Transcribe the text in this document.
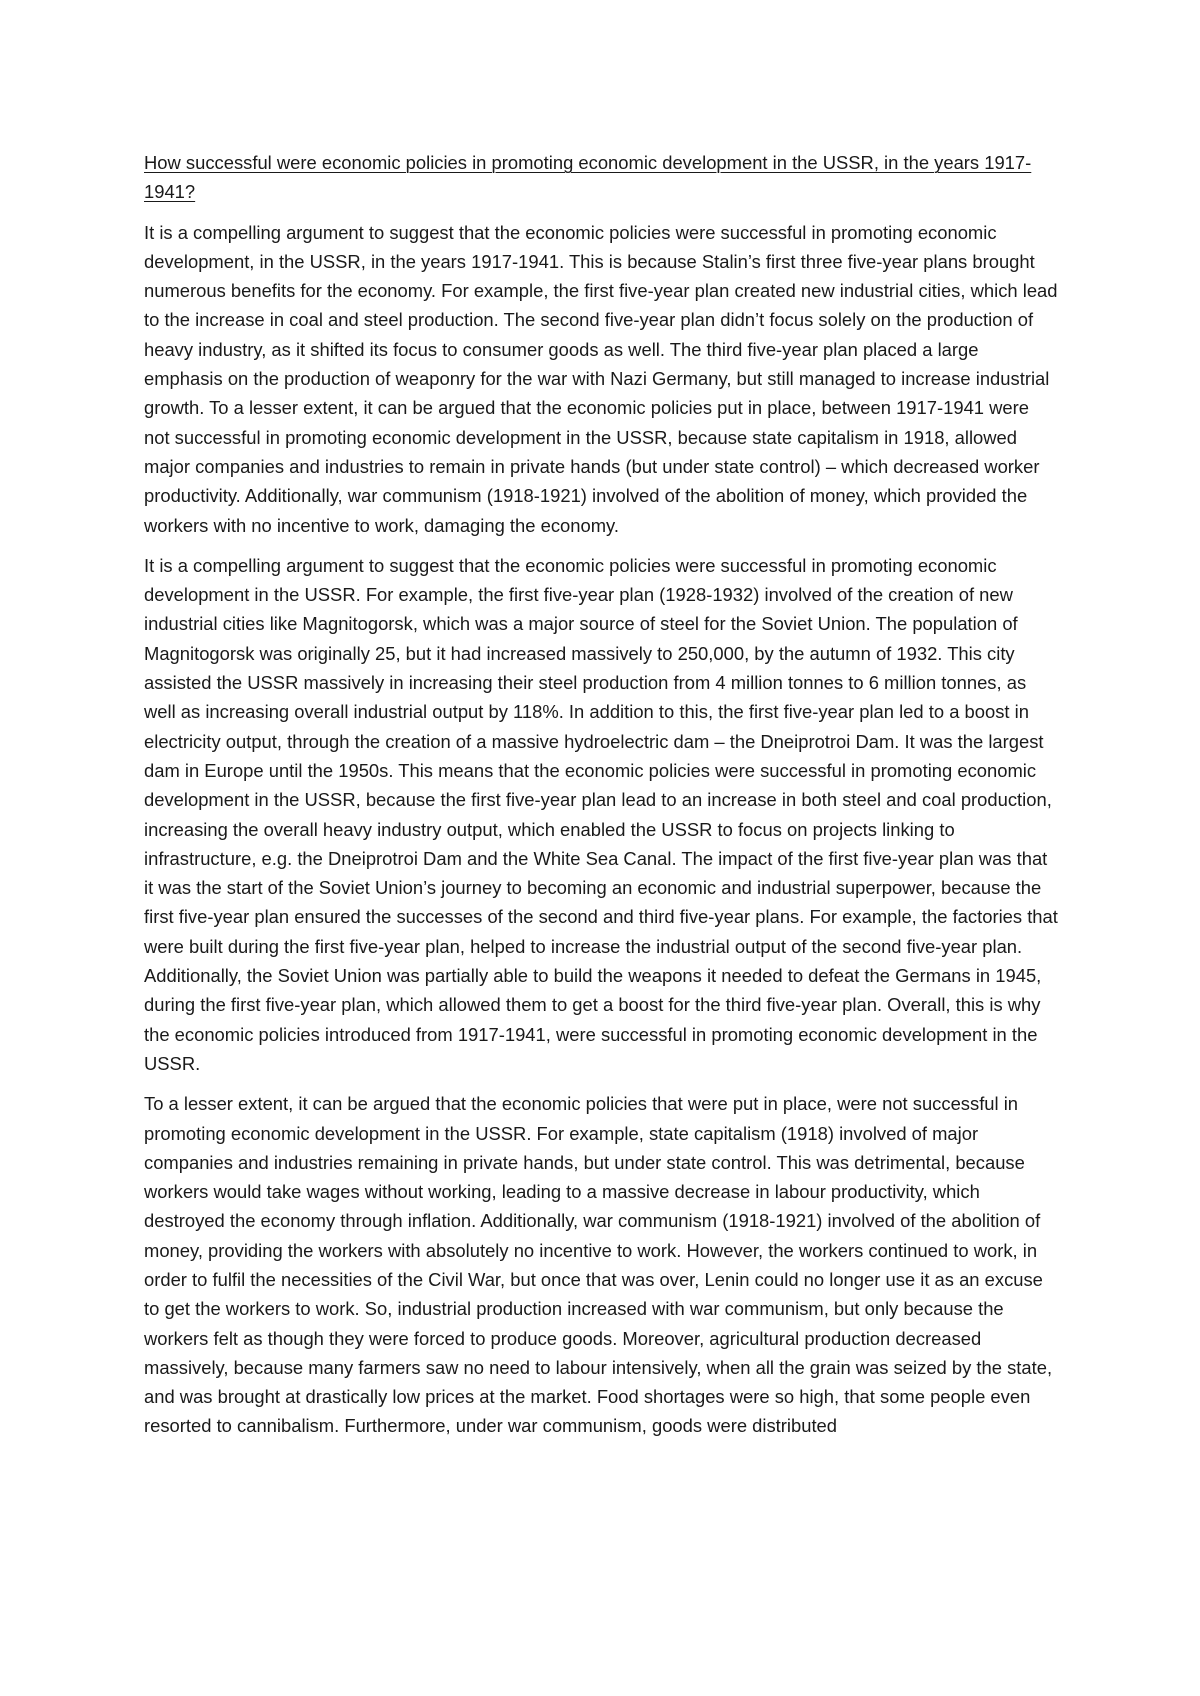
How successful were economic policies in promoting economic development in the USSR, in the years 1917-1941?

It is a compelling argument to suggest that the economic policies were successful in promoting economic development, in the USSR, in the years 1917-1941. This is because Stalin’s first three five-year plans brought numerous benefits for the economy. For example, the first five-year plan created new industrial cities, which lead to the increase in coal and steel production. The second five-year plan didn’t focus solely on the production of heavy industry, as it shifted its focus to consumer goods as well. The third five-year plan placed a large emphasis on the production of weaponry for the war with Nazi Germany, but still managed to increase industrial growth. To a lesser extent, it can be argued that the economic policies put in place, between 1917-1941 were not successful in promoting economic development in the USSR, because state capitalism in 1918, allowed major companies and industries to remain in private hands (but under state control) – which decreased worker productivity. Additionally, war communism (1918-1921) involved of the abolition of money, which provided the workers with no incentive to work, damaging the economy.

It is a compelling argument to suggest that the economic policies were successful in promoting economic development in the USSR. For example, the first five-year plan (1928-1932) involved of the creation of new industrial cities like Magnitogorsk, which was a major source of steel for the Soviet Union. The population of Magnitogorsk was originally 25, but it had increased massively to 250,000, by the autumn of 1932. This city assisted the USSR massively in increasing their steel production from 4 million tonnes to 6 million tonnes, as well as increasing overall industrial output by 118%. In addition to this, the first five-year plan led to a boost in electricity output, through the creation of a massive hydroelectric dam – the Dneiprotroi Dam. It was the largest dam in Europe until the 1950s. This means that the economic policies were successful in promoting economic development in the USSR, because the first five-year plan lead to an increase in both steel and coal production, increasing the overall heavy industry output, which enabled the USSR to focus on projects linking to infrastructure, e.g. the Dneiprotroi Dam and the White Sea Canal. The impact of the first five-year plan was that it was the start of the Soviet Union’s journey to becoming an economic and industrial superpower, because the first five-year plan ensured the successes of the second and third five-year plans. For example, the factories that were built during the first five-year plan, helped to increase the industrial output of the second five-year plan. Additionally, the Soviet Union was partially able to build the weapons it needed to defeat the Germans in 1945, during the first five-year plan, which allowed them to get a boost for the third five-year plan. Overall, this is why the economic policies introduced from 1917-1941, were successful in promoting economic development in the USSR.

To a lesser extent, it can be argued that the economic policies that were put in place, were not successful in promoting economic development in the USSR. For example, state capitalism (1918) involved of major companies and industries remaining in private hands, but under state control. This was detrimental, because workers would take wages without working, leading to a massive decrease in labour productivity, which destroyed the economy through inflation. Additionally, war communism (1918-1921) involved of the abolition of money, providing the workers with absolutely no incentive to work. However, the workers continued to work, in order to fulfil the necessities of the Civil War, but once that was over, Lenin could no longer use it as an excuse to get the workers to work. So, industrial production increased with war communism, but only because the workers felt as though they were forced to produce goods. Moreover, agricultural production decreased massively, because many farmers saw no need to labour intensively, when all the grain was seized by the state, and was brought at drastically low prices at the market. Food shortages were so high, that some people even resorted to cannibalism. Furthermore, under war communism, goods were distributed
